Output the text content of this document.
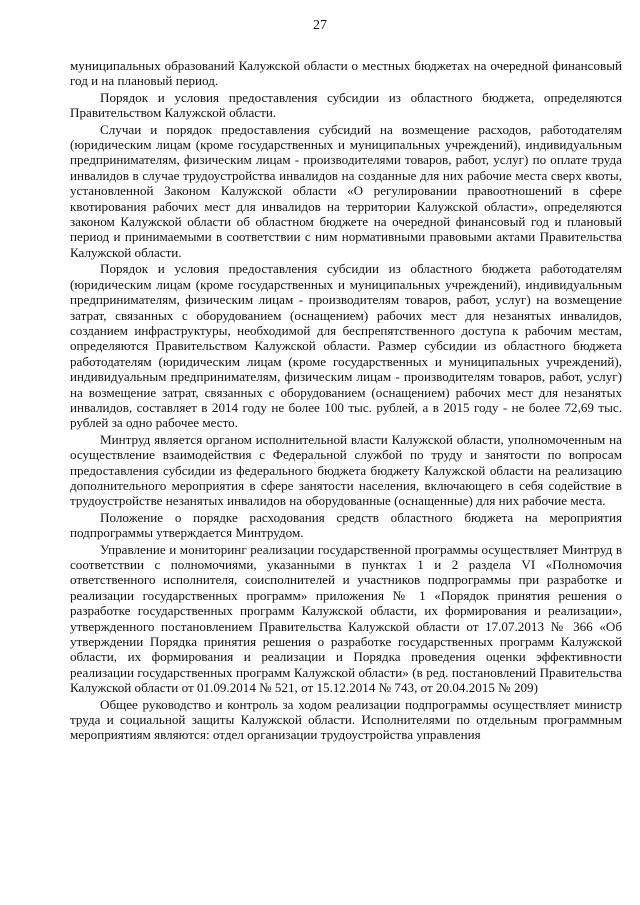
27

муниципальных образований Калужской области о местных бюджетах на очередной финансовый год и на плановый период.

Порядок и условия предоставления субсидии из областного бюджета, определяются Правительством Калужской области.

Случаи и порядок предоставления субсидий на возмещение расходов, работодателям (юридическим лицам (кроме государственных и муниципальных учреждений), индивидуальным предпринимателям, физическим лицам - производителями товаров, работ, услуг) по оплате труда инвалидов в случае трудоустройства инвалидов на созданные для них рабочие места сверх квоты, установленной Законом Калужской области «О регулировании правоотношений в сфере квотирования рабочих мест для инвалидов на территории Калужской области», определяются законом Калужской области об областном бюджете на очередной финансовый год и плановый период и принимаемыми в соответствии с ним нормативными правовыми актами Правительства Калужской области.

Порядок и условия предоставления субсидии из областного бюджета работодателям (юридическим лицам (кроме государственных и муниципальных учреждений), индивидуальным предпринимателям, физическим лицам - производителям товаров, работ, услуг) на возмещение затрат, связанных с оборудованием (оснащением) рабочих мест для незанятых инвалидов, созданием инфраструктуры, необходимой для беспрепятственного доступа к рабочим местам, определяются Правительством Калужской области. Размер субсидии из областного бюджета работодателям (юридическим лицам (кроме государственных и муниципальных учреждений), индивидуальным предпринимателям, физическим лицам - производителям товаров, работ, услуг) на возмещение затрат, связанных с оборудованием (оснащением) рабочих мест для незанятых инвалидов, составляет в 2014 году не более 100 тыс. рублей, а в 2015 году - не более 72,69 тыс. рублей за одно рабочее место.

Минтруд является органом исполнительной власти Калужской области, уполномоченным на осуществление взаимодействия с Федеральной службой по труду и занятости по вопросам предоставления субсидии из федерального бюджета бюджету Калужской области на реализацию дополнительного мероприятия в сфере занятости населения, включающего в себя содействие в трудоустройстве незанятых инвалидов на оборудованные (оснащенные) для них рабочие места.

Положение о порядке расходования средств областного бюджета на мероприятия подпрограммы утверждается Минтрудом.

Управление и мониторинг реализации государственной программы осуществляет Минтруд в соответствии с полномочиями, указанными в пунктах 1 и 2 раздела VI «Полномочия ответственного исполнителя, соисполнителей и участников подпрограммы при разработке и реализации государственных программ» приложения № 1 «Порядок принятия решения о разработке государственных программ Калужской области, их формирования и реализации», утвержденного постановлением Правительства Калужской области от 17.07.2013 № 366 «Об утверждении Порядка принятия решения о разработке государственных программ Калужской области, их формирования и реализации и Порядка проведения оценки эффективности реализации государственных программ Калужской области» (в ред. постановлений Правительства Калужской области от 01.09.2014 № 521, от 15.12.2014 № 743, от 20.04.2015 № 209)

Общее руководство и контроль за ходом реализации подпрограммы осуществляет министр труда и социальной защиты Калужской области. Исполнителями по отдельным программным мероприятиям являются: отдел организации трудоустройства управления
